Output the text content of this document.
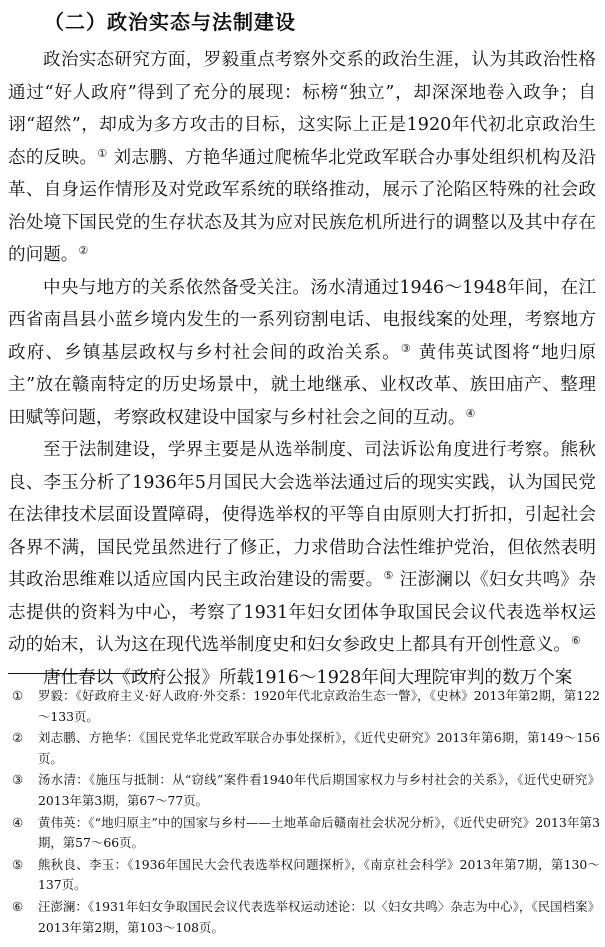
（二）政治实态与法制建设

政治实态研究方面，罗毅重点考察外交系的政治生涯，认为其政治性格通过“好人政府”得到了充分的展现：标榜“独立”，却深深地卷入政争；自诩“超然”，却成为多方攻击的目标，这实际上正是1920年代初北京政治生态的反映。① 刘志鹏、方艳华通过爬梳华北党政军联合办事处组织机构及沿革、自身运作情形及对党政军系统的联络推动，展示了沦陷区特殊的社会政治处境下国民党的生存状态及其为应对民族危机所进行的调整以及其中存在的问题。②

中央与地方的关系依然备受关注。汤水清通过1946～1948年间，在江西省南昌县小蓝乡境内发生的一系列窃割电话、电报线案的处理，考察地方政府、乡镇基层政权与乡村社会间的政治关系。③ 黄伟英试图将“地归原主”放在赣南特定的历史场景中，就土地继承、业权改革、族田庙产、整理田赋等问题，考察政权建设中国家与乡村社会之间的互动。④

至于法制建设，学界主要是从选举制度、司法诉讼角度进行考察。熊秋良、李玉分析了1936年5月国民大会选举法通过后的现实实践，认为国民党在法律技术层面设置障碍，使得选举权的平等自由原则大打折扣，引起社会各界不满，国民党虽然进行了修正，力求借助合法性维护党治，但依然表明其政治思维难以适应国内民主政治建设的需要。⑤ 汪澎澜以《妇女共鸣》杂志提供的资料为中心，考察了1931年妇女团体争取国民会议代表选举权运动的始末，认为这在现代选举制度史和妇女参政史上都具有开创性意义。⑥

唐仕春以《政府公报》所载1916～1928年间大理院审判的数万个案

①	罗毅：《好政府主义·好人政府·外交系：1920年代北京政治生态一瞥》，《史林》2013年第2期，第122～133页。
②	刘志鹏、方艳华：《国民党华北党政军联合办事处探析》，《近代史研究》2013年第6期，第149～156页。
③	汤水清：《施压与抵制：从“窃线”案件看1940年代后期国家权力与乡村社会的关系》，《近代史研究》2013年第3期，第67～77页。
④	黄伟英：《“地归原主”中的国家与乡村——土地革命后赣南社会状况分析》，《近代史研究》2013年第3期，第57～66页。
⑤	熊秋良、李玉：《1936年国民大会代表选举权问题探析》，《南京社会科学》2013年第7期，第130～137页。
⑥	汪澎澜：《1931年妇女争取国民会议代表选举权运动述论：以〈妇女共鸣〉杂志为中心》，《民国档案》2013年第2期，第103～108页。
